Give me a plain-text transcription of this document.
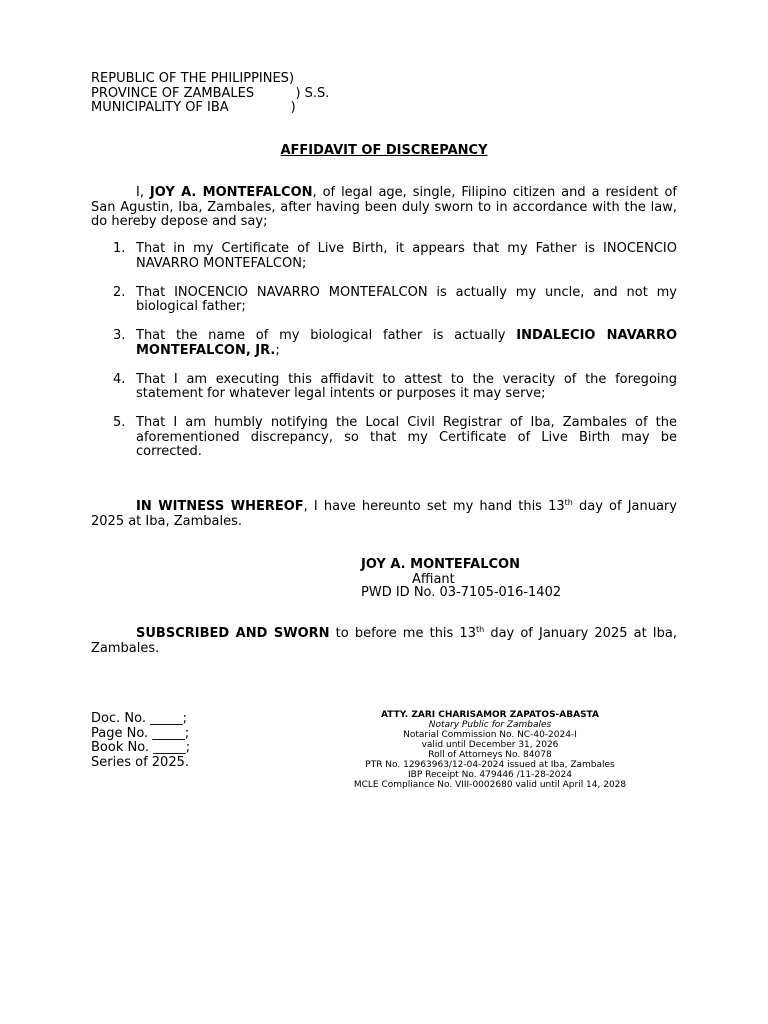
REPUBLIC OF THE PHILIPPINES)
PROVINCE OF ZAMBALES          ) S.S.
MUNICIPALITY OF IBA               )
AFFIDAVIT OF DISCREPANCY
I, JOY A. MONTEFALCON, of legal age, single, Filipino citizen and a resident of San Agustin, Iba, Zambales, after having been duly sworn to in accordance with the law, do hereby depose and say;
1. That in my Certificate of Live Birth, it appears that my Father is INOCENCIO NAVARRO MONTEFALCON;
2. That INOCENCIO NAVARRO MONTEFALCON is actually my uncle, and not my biological father;
3. That the name of my biological father is actually INDALECIO NAVARRO MONTEFALCON, JR.;
4. That I am executing this affidavit to attest to the veracity of the foregoing statement for whatever legal intents or purposes it may serve;
5. That I am humbly notifying the Local Civil Registrar of Iba, Zambales of the aforementioned discrepancy, so that my Certificate of Live Birth may be corrected.
IN WITNESS WHEREOF, I have hereunto set my hand this 13th day of January 2025 at Iba, Zambales.
JOY A. MONTEFALCON
Affiant
PWD ID No. 03-7105-016-1402
SUBSCRIBED AND SWORN to before me this 13th day of January 2025 at Iba, Zambales.
Doc. No. _____;
Page No. _____;
Book No. _____;
Series of 2025.
ATTY. ZARI CHARISAMOR ZAPATOS-ABASTA
Notary Public for Zambales
Notarial Commission No. NC-40-2024-I
valid until December 31, 2026
Roll of Attorneys No. 84078
PTR No. 12963963/12-04-2024 issued at Iba, Zambales
IBP Receipt No. 479446 /11-28-2024
MCLE Compliance No. VIII-0002680 valid until April 14, 2028
